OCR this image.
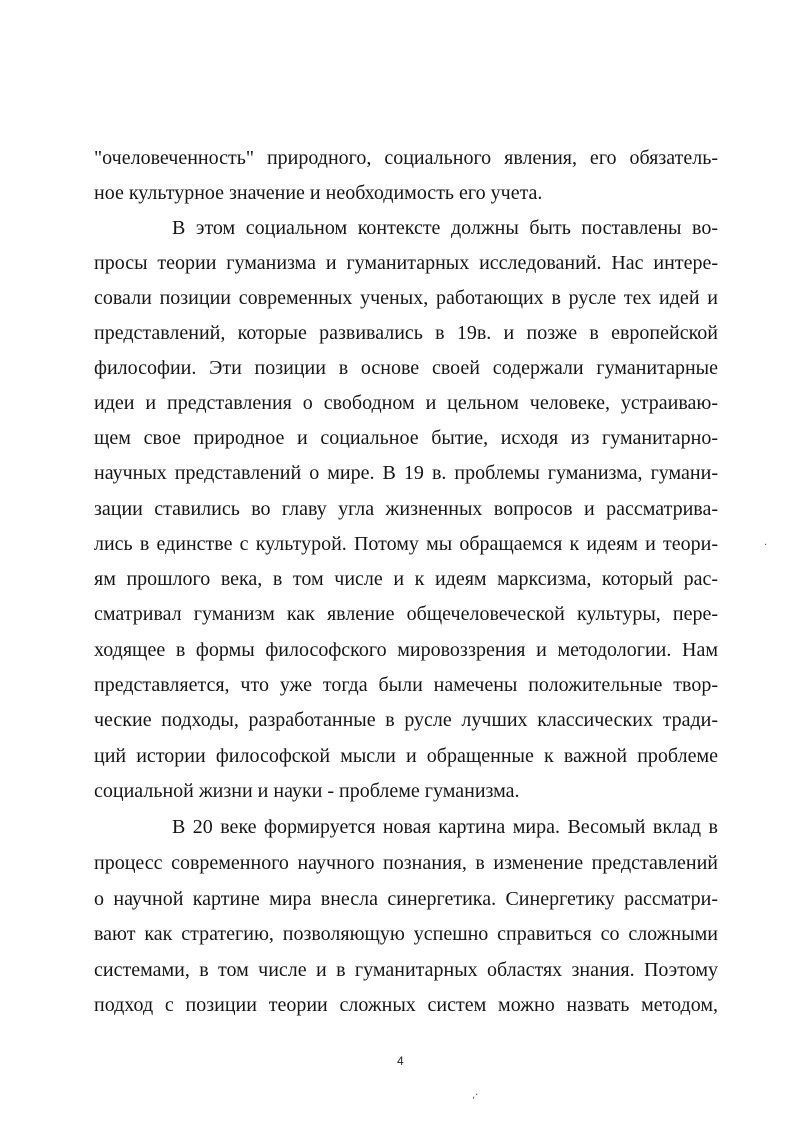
"очеловеченность" природного, социального явления, его обязатель-
ное культурное значение и необходимость его учета.
В этом социальном контексте должны быть поставлены во-
просы теории гуманизма и гуманитарных исследований. Нас интере-
совали позиции современных ученых, работающих в русле тех идей и
представлений, которые развивались в 19в. и позже в европейской
философии. Эти позиции в основе своей содержали гуманитарные
идеи и представления о свободном и цельном человеке, устраиваю-
щем свое природное и социальное бытие, исходя из гуманитарно-
научных представлений о мире. В 19 в. проблемы гуманизма, гумани-
зации ставились во главу угла жизненных вопросов и рассматрива-
лись в единстве с культурой. Потому мы обращаемся к идеям и теори-
ям прошлого века, в том числе и к идеям марксизма, который рас-
сматривал гуманизм как явление общечеловеческой культуры, пере-
ходящее в формы философского мировоззрения и методологии. Нам
представляется, что уже тогда были намечены положительные твор-
ческие подходы, разработанные в русле лучших классических тради-
ций истории философской мысли и обращенные к важной проблеме
социальной жизни и науки - проблеме гуманизма.
В 20 веке формируется новая картина мира. Весомый вклад в
процесс современного научного познания, в изменение представлений
о научной картине мира внесла синергетика. Синергетику рассматри-
вают как стратегию, позволяющую успешно справиться со сложными
системами, в том числе и в гуманитарных областях знания. Поэтому
подход с позиции теории сложных систем можно назвать методом,
4
,·
·
